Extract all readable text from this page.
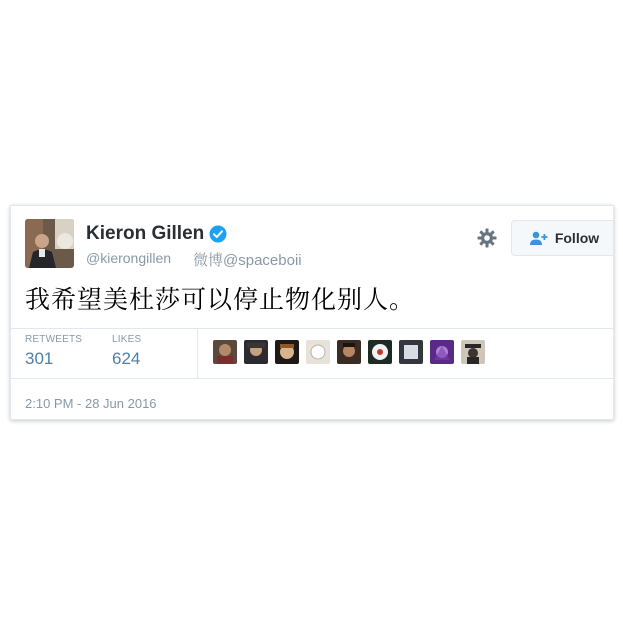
Kieron Gillen
@kierongillen 微博@spaceboii
Follow
我希望美杜莎可以停止物化别人。
RETWEETS
301
LIKES
624
2:10 PM - 28 Jun 2016
